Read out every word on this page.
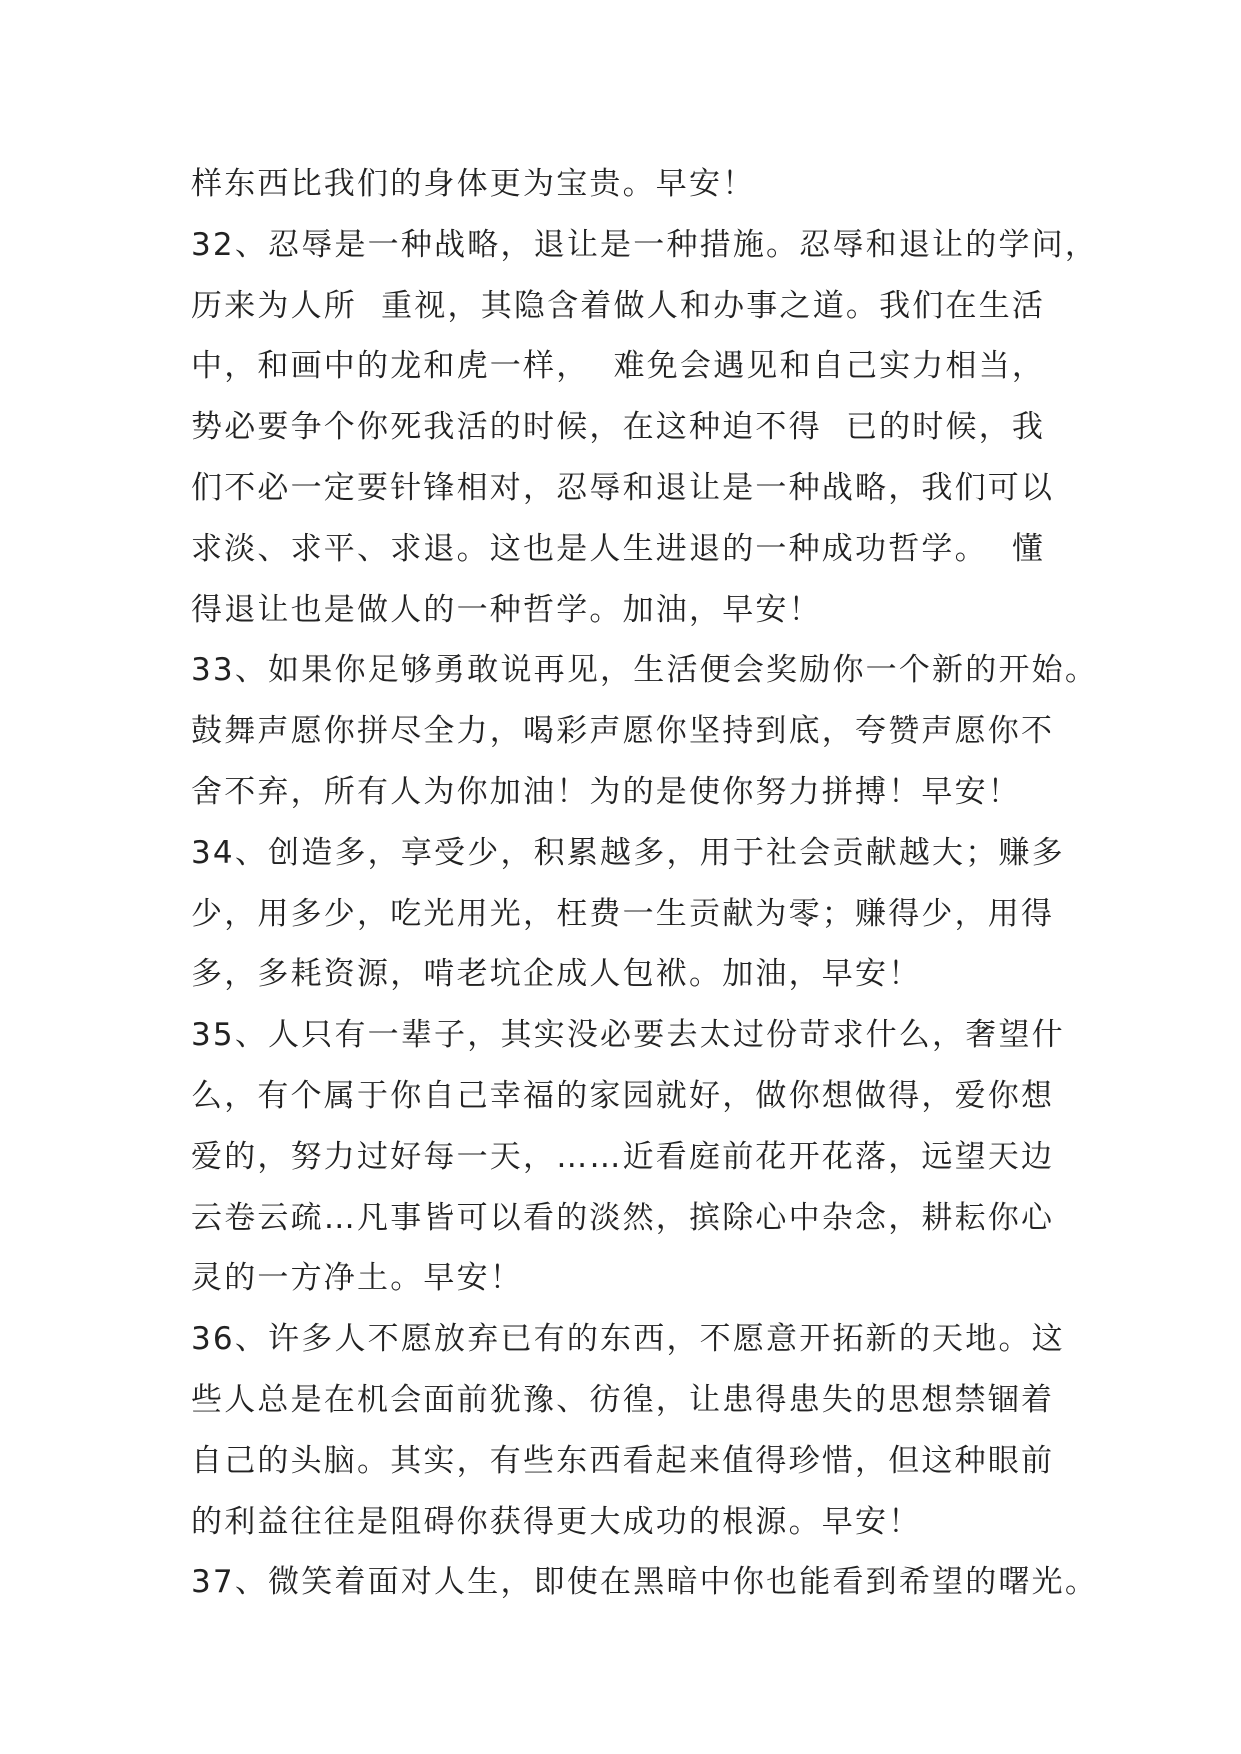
样东西比我们的身体更为宝贵。早安！
32、忍辱是一种战略，退让是一种措施。忍辱和退让的学问，
历来为人所  重视，其隐含着做人和办事之道。我们在生活
中，和画中的龙和虎一样，  难免会遇见和自己实力相当，
势必要争个你死我活的时候，在这种迫不得  已的时候，我
们不必一定要针锋相对，忍辱和退让是一种战略，我们可以
求淡、求平、求退。这也是人生进退的一种成功哲学。  懂
得退让也是做人的一种哲学。加油，早安！
33、如果你足够勇敢说再见，生活便会奖励你一个新的开始。
鼓舞声愿你拼尽全力，喝彩声愿你坚持到底，夸赞声愿你不
舍不弃，所有人为你加油！为的是使你努力拼搏！早安！
34、创造多，享受少，积累越多，用于社会贡献越大；赚多
少，用多少，吃光用光，枉费一生贡献为零；赚得少，用得
多，多耗资源，啃老坑企成人包袱。加油，早安！
35、人只有一辈子，其实没必要去太过份苛求什么，奢望什
么，有个属于你自己幸福的家园就好，做你想做得，爱你想
爱的，努力过好每一天，……近看庭前花开花落，远望天边
云卷云疏…凡事皆可以看的淡然，摈除心中杂念，耕耘你心
灵的一方净土。早安！
36、许多人不愿放弃已有的东西，不愿意开拓新的天地。这
些人总是在机会面前犹豫、彷徨，让患得患失的思想禁锢着
自己的头脑。其实，有些东西看起来值得珍惜，但这种眼前
的利益往往是阻碍你获得更大成功的根源。早安！
37、微笑着面对人生，即使在黑暗中你也能看到希望的曙光。
